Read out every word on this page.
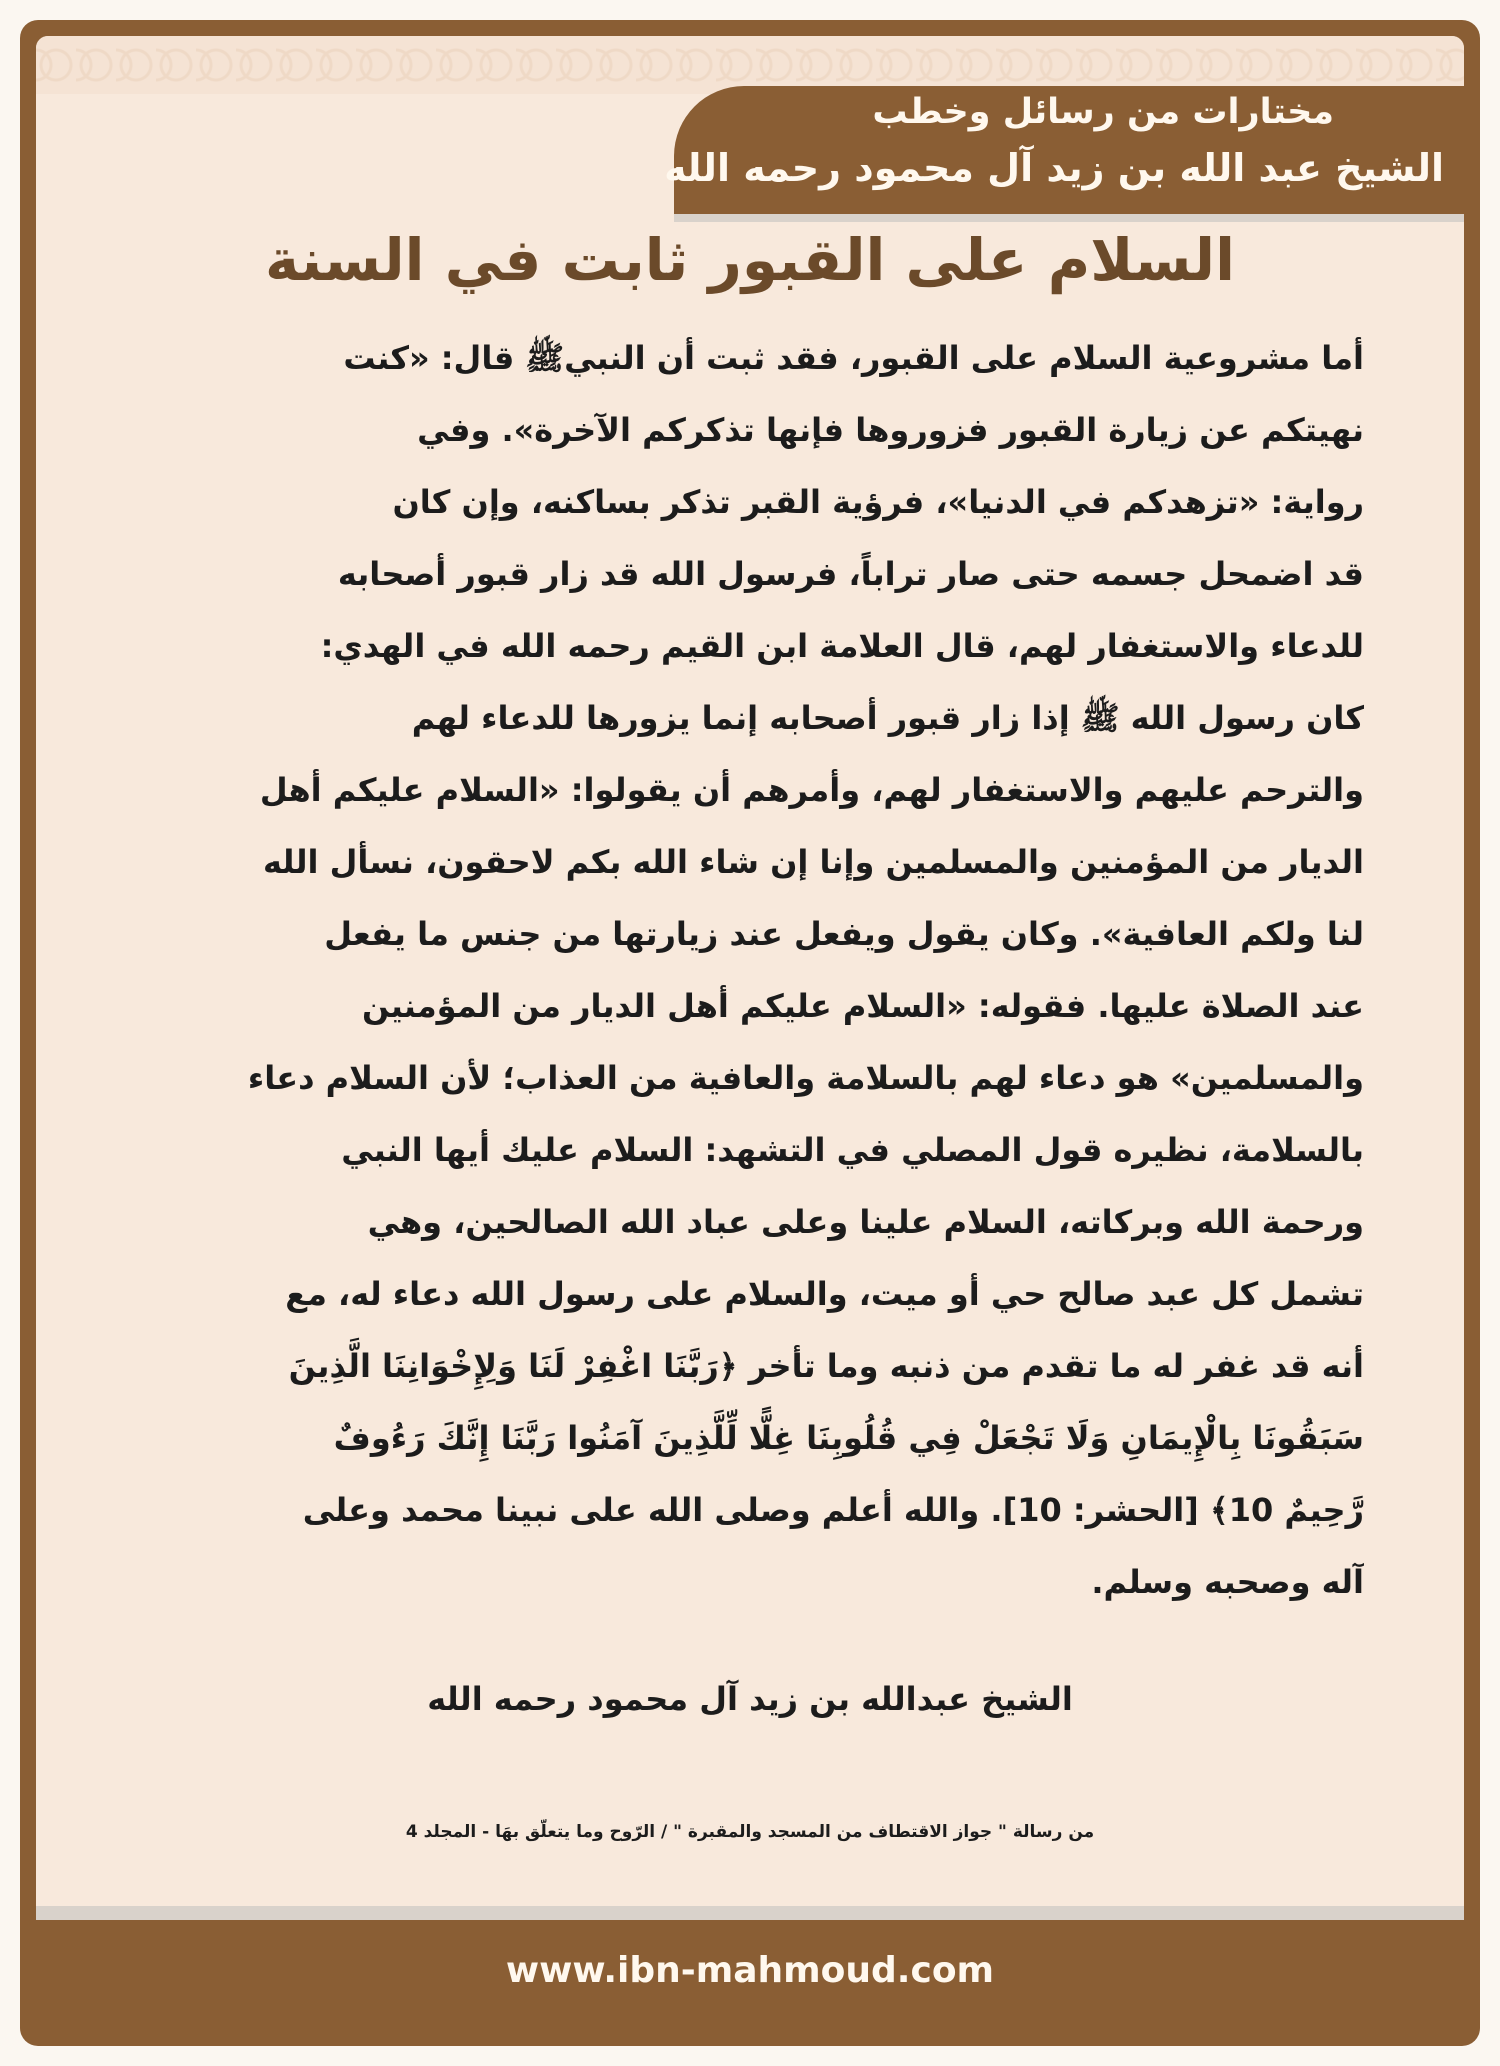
مختارات من رسائل وخطب
الشيخ عبد الله بن زيد آل محمود رحمه الله
السلام على القبور ثابت في السنة
أما مشروعية السلام على القبور، فقد ثبت أن النبيﷺ قال: «كنت
نهيتكم عن زيارة القبور فزوروها فإنها تذكركم الآخرة». وفي
رواية: «تزهدكم في الدنيا»، فرؤية القبر تذكر بساكنه، وإن كان
قد اضمحل جسمه حتى صار تراباً، فرسول الله قد زار قبور أصحابه
للدعاء والاستغفار لهم، قال العلامة ابن القيم رحمه الله في الهدي:
كان رسول الله ﷺ إذا زار قبور أصحابه إنما يزورها للدعاء لهم
والترحم عليهم والاستغفار لهم، وأمرهم أن يقولوا: «السلام عليكم أهل
الديار من المؤمنين والمسلمين وإنا إن شاء الله بكم لاحقون، نسأل الله
لنا ولكم العافية». وكان يقول ويفعل عند زيارتها من جنس ما يفعل
عند الصلاة عليها. فقوله: «السلام عليكم أهل الديار من المؤمنين
والمسلمين» هو دعاء لهم بالسلامة والعافية من العذاب؛ لأن السلام دعاء
بالسلامة، نظيره قول المصلي في التشهد: السلام عليك أيها النبي
ورحمة الله وبركاته، السلام علينا وعلى عباد الله الصالحين، وهي
تشمل كل عبد صالح حي أو ميت، والسلام على رسول الله دعاء له، مع
أنه قد غفر له ما تقدم من ذنبه وما تأخر ﴿رَبَّنَا اغْفِرْ لَنَا وَلِإِخْوَانِنَا الَّذِينَ
سَبَقُونَا بِالْإِيمَانِ وَلَا تَجْعَلْ فِي قُلُوبِنَا غِلًّا لِّلَّذِينَ آمَنُوا رَبَّنَا إِنَّكَ رَءُوفٌ
رَّحِيمٌ 10﴾ [الحشر: 10]. والله أعلم وصلى الله على نبينا محمد وعلى
آله وصحبه وسلم.
الشيخ عبدالله بن زيد آل محمود رحمه الله
من رسالة " جواز الاقتطاف من المسجد والمقبرة " / الرّوح وما يتعلّق بهَا - المجلد 4
www.ibn-mahmoud.com
